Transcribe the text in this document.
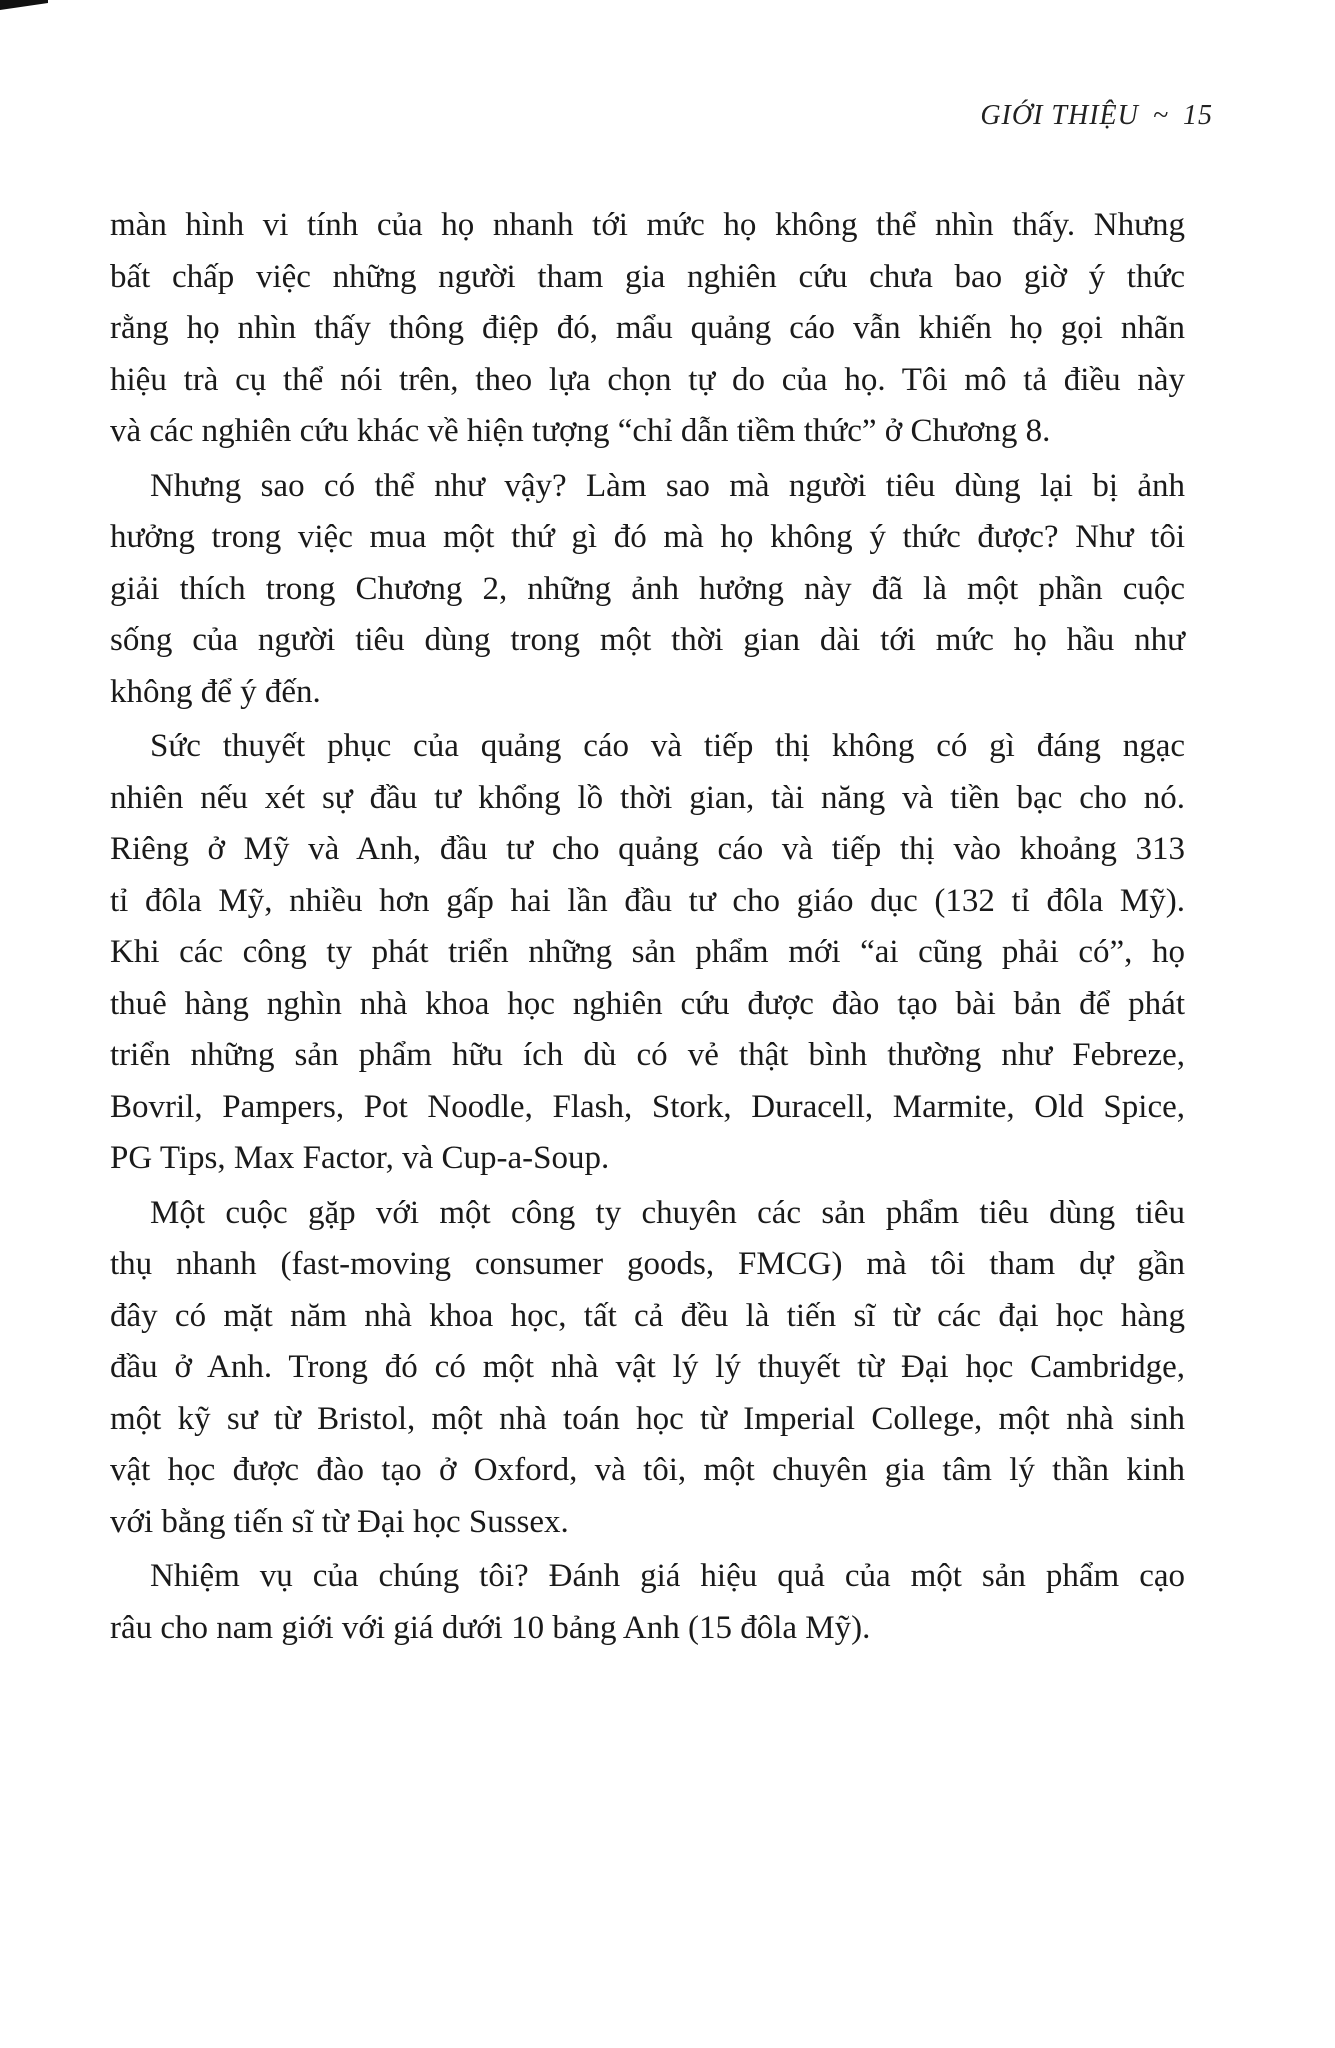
GIỚI THIỆU ~ 15
màn hình vi tính của họ nhanh tới mức họ không thể nhìn thấy. Nhưng
bất chấp việc những người tham gia nghiên cứu chưa bao giờ ý thức
rằng họ nhìn thấy thông điệp đó, mẩu quảng cáo vẫn khiến họ gọi nhãn
hiệu trà cụ thể nói trên, theo lựa chọn tự do của họ. Tôi mô tả điều này
và các nghiên cứu khác về hiện tượng “chỉ dẫn tiềm thức” ở Chương 8.
Nhưng sao có thể như vậy? Làm sao mà người tiêu dùng lại bị ảnh
hưởng trong việc mua một thứ gì đó mà họ không ý thức được? Như tôi
giải thích trong Chương 2, những ảnh hưởng này đã là một phần cuộc
sống của người tiêu dùng trong một thời gian dài tới mức họ hầu như
không để ý đến.
Sức thuyết phục của quảng cáo và tiếp thị không có gì đáng ngạc
nhiên nếu xét sự đầu tư khổng lồ thời gian, tài năng và tiền bạc cho nó.
Riêng ở Mỹ và Anh, đầu tư cho quảng cáo và tiếp thị vào khoảng 313
tỉ đôla Mỹ, nhiều hơn gấp hai lần đầu tư cho giáo dục (132 tỉ đôla Mỹ).
Khi các công ty phát triển những sản phẩm mới “ai cũng phải có”, họ
thuê hàng nghìn nhà khoa học nghiên cứu được đào tạo bài bản để phát
triển những sản phẩm hữu ích dù có vẻ thật bình thường như Febreze,
Bovril, Pampers, Pot Noodle, Flash, Stork, Duracell, Marmite, Old Spice,
PG Tips, Max Factor, và Cup-a-Soup.
Một cuộc gặp với một công ty chuyên các sản phẩm tiêu dùng tiêu
thụ nhanh (fast-moving consumer goods, FMCG) mà tôi tham dự gần
đây có mặt năm nhà khoa học, tất cả đều là tiến sĩ từ các đại học hàng
đầu ở Anh. Trong đó có một nhà vật lý lý thuyết từ Đại học Cambridge,
một kỹ sư từ Bristol, một nhà toán học từ Imperial College, một nhà sinh
vật học được đào tạo ở Oxford, và tôi, một chuyên gia tâm lý thần kinh
với bằng tiến sĩ từ Đại học Sussex.
Nhiệm vụ của chúng tôi? Đánh giá hiệu quả của một sản phẩm cạo
râu cho nam giới với giá dưới 10 bảng Anh (15 đôla Mỹ).
